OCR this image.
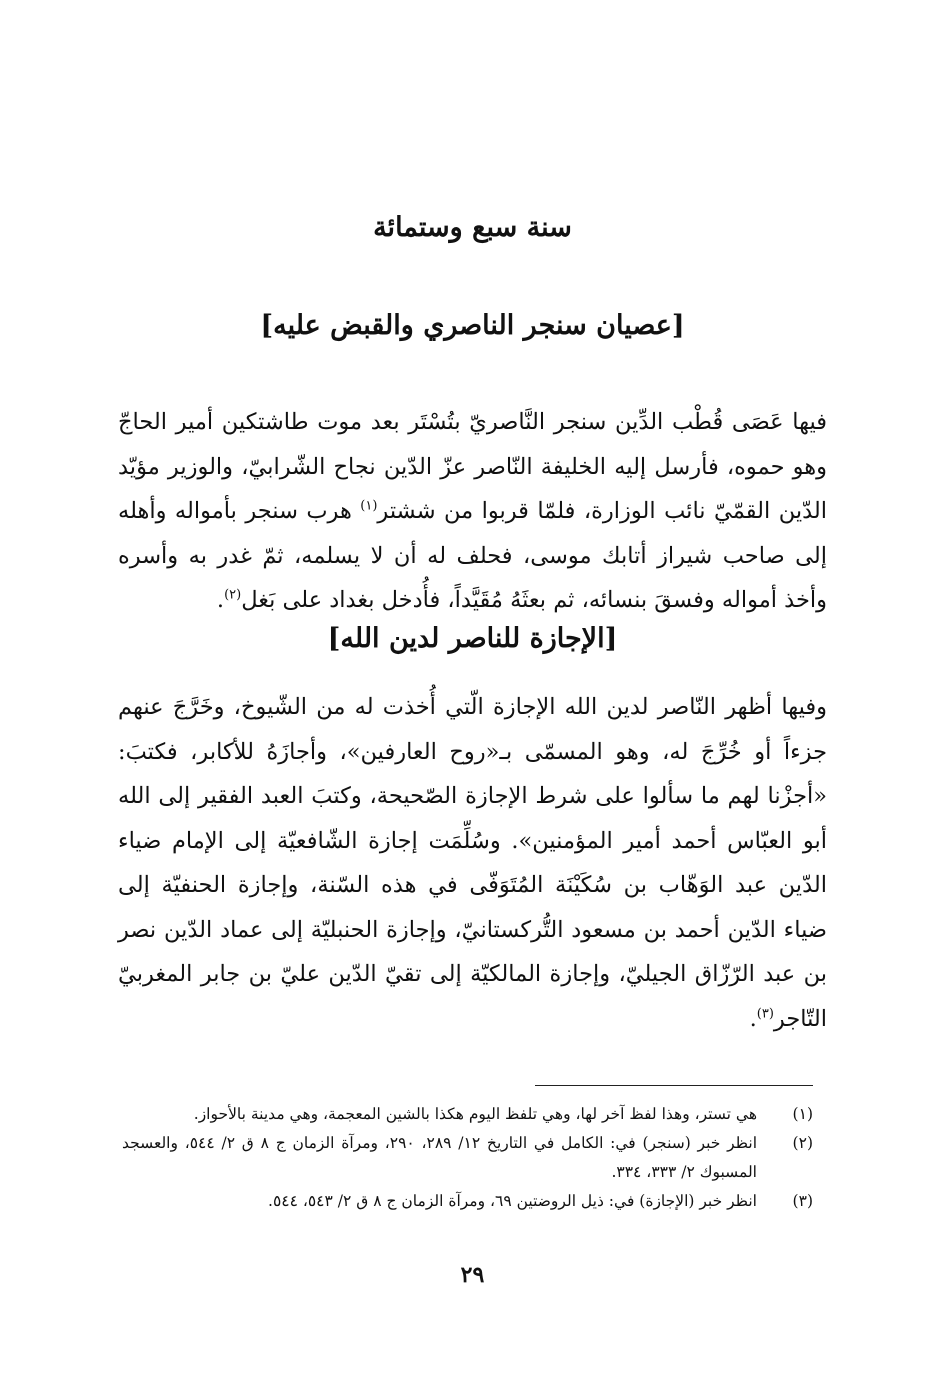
سنة سبع وستمائة
[عصيان سنجر الناصري والقبض عليه]

فيها عَصَى قُطْب الدِّين سنجر النَّاصريّ بتُسْتَر بعد موت طاشتكين أمير الحاجّ وهو حموه، فأرسل إليه الخليفة النّاصر عزّ الدّين نجاح الشّرابيّ، والوزير مؤيّد الدّين القمّيّ نائب الوزارة، فلمّا قربوا من ششتر$^{(١)}$ هرب سنجر بأمواله وأهله إلى صاحب شيراز أتابك موسى، فحلف له أن لا يسلمه، ثمّ غدر به وأسره وأخذ أمواله وفسقَ بنسائه، ثم بعثَهُ مُقَيَّداً، فأُدخل بغداد على بَغل$^{(٢)}$.

[الإجازة للناصر لدين الله]

وفيها أظهر النّاصر لدين الله الإجازة الّتي أُخذت له من الشّيوخ، وخَرَّجَ عنهم جزءاً أو خُرِّجَ له، وهو المسمّى بـ«روح العارفين»، وأجازَهُ للأكابر، فكتبَ: «أجزْنا لهم ما سألوا على شرط الإجازة الصّحيحة، وكتبَ العبد الفقير إلى الله أبو العبّاس أحمد أمير المؤمنين». وسُلِّمَت إجازة الشّافعيّة إلى الإمام ضياء الدّين عبد الوَهّاب بن سُكَيْنَة المُتَوَفّى في هذه السّنة، وإجازة الحنفيّة إلى ضياء الدّين أحمد بن مسعود التُّركستانيّ، وإجازة الحنبليّة إلى عماد الدّين نصر بن عبد الرّزّاق الجيليّ، وإجازة المالكيّة إلى تقيّ الدّين عليّ بن جابر المغربيّ التّاجر$^{(٣)}$.

(١)
هي تستر، وهذا لفظ آخر لها، وهي تلفظ اليوم هكذا بالشين المعجمة، وهي مدينة بالأحواز.
(٢)
انظر خبر (سنجر) في: الكامل في التاريخ ١٢/ ٢٨٩، ٢٩٠، ومرآة الزمان ج ٨ ق ٢/ ٥٤٤، والعسجد المسبوك ٢/ ٣٣٣، ٣٣٤.
(٣)
انظر خبر (الإجازة) في: ذيل الروضتين ٦٩، ومرآة الزمان ج ٨ ق ٢/ ٥٤٣، ٥٤٤.
٢٩
